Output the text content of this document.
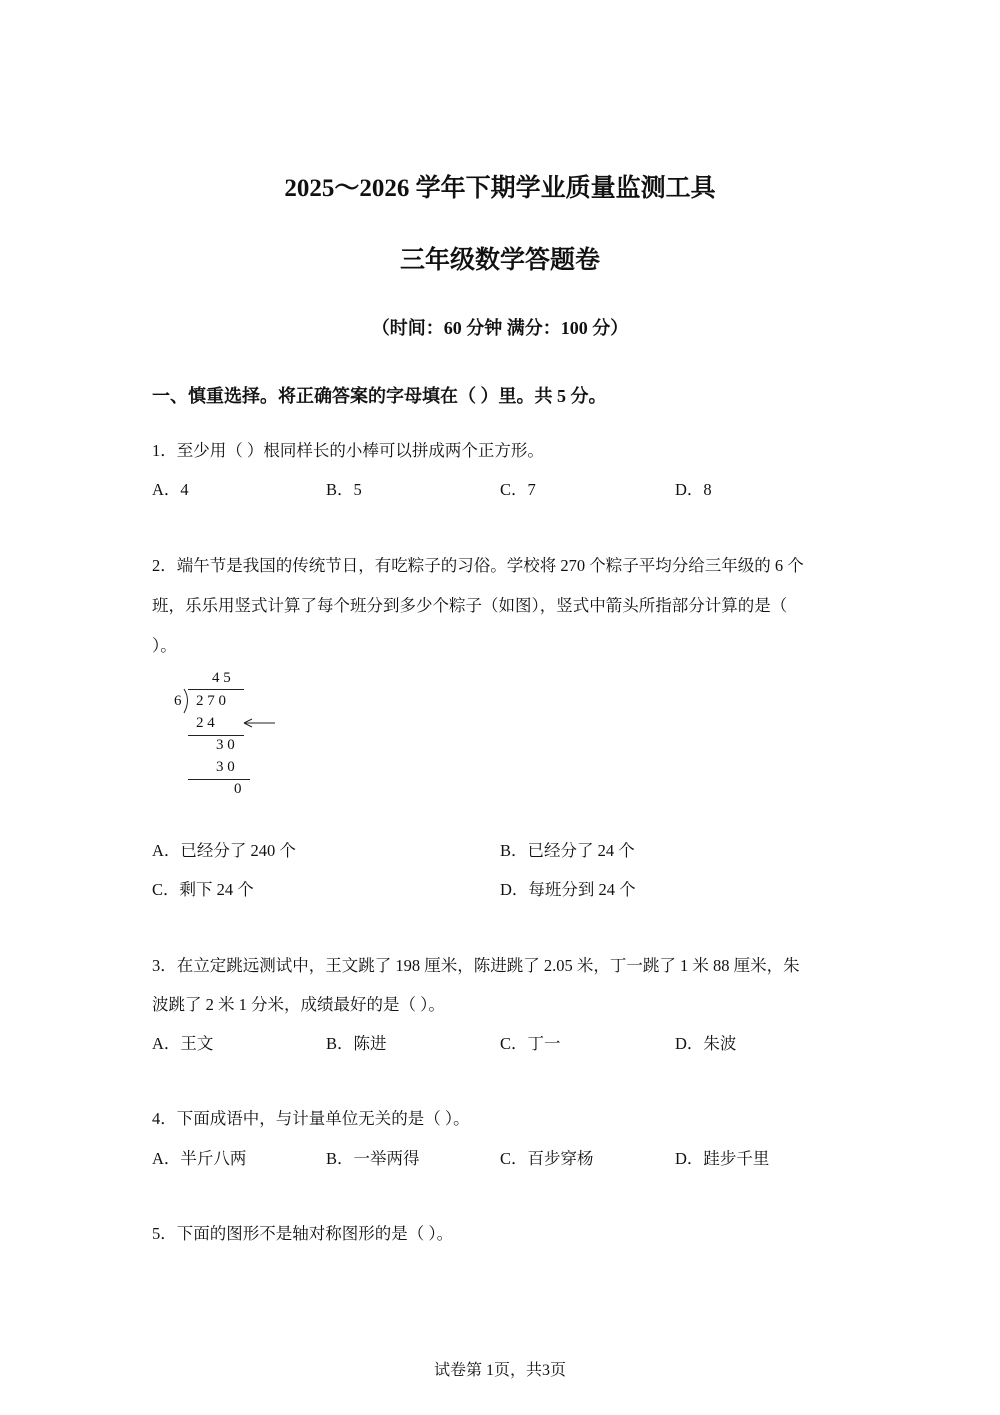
2025～2026 学年下期学业质量监测工具
三年级数学答题卷
（时间：60 分钟 满分：100 分）
一、慎重选择。将正确答案的字母填在（ ）里。共 5 分。
1．至少用（ ）根同样长的小棒可以拼成两个正方形。
A．4	B．5	C．7	D．8
2．端午节是我国的传统节日，有吃粽子的习俗。学校将 270 个粽子平均分给三年级的 6 个
班，乐乐用竖式计算了每个班分到多少个粽子（如图），竖式中箭头所指部分计算的是（
）。
4 5
6 2 7 0
2 4
3 0
3 0
0
A．已经分了 240 个	B．已经分了 24 个
C．剩下 24 个	D．每班分到 24 个
3．在立定跳远测试中，王文跳了 198 厘米，陈进跳了 2.05 米，丁一跳了 1 米 88 厘米，朱
波跳了 2 米 1 分米，成绩最好的是（ ）。
A．王文	B．陈进	C．丁一	D．朱波
4．下面成语中，与计量单位无关的是（ ）。
A．半斤八两	B．一举两得	C．百步穿杨	D．跬步千里
5．下面的图形不是轴对称图形的是（ ）。
试卷第 1页，共3页
